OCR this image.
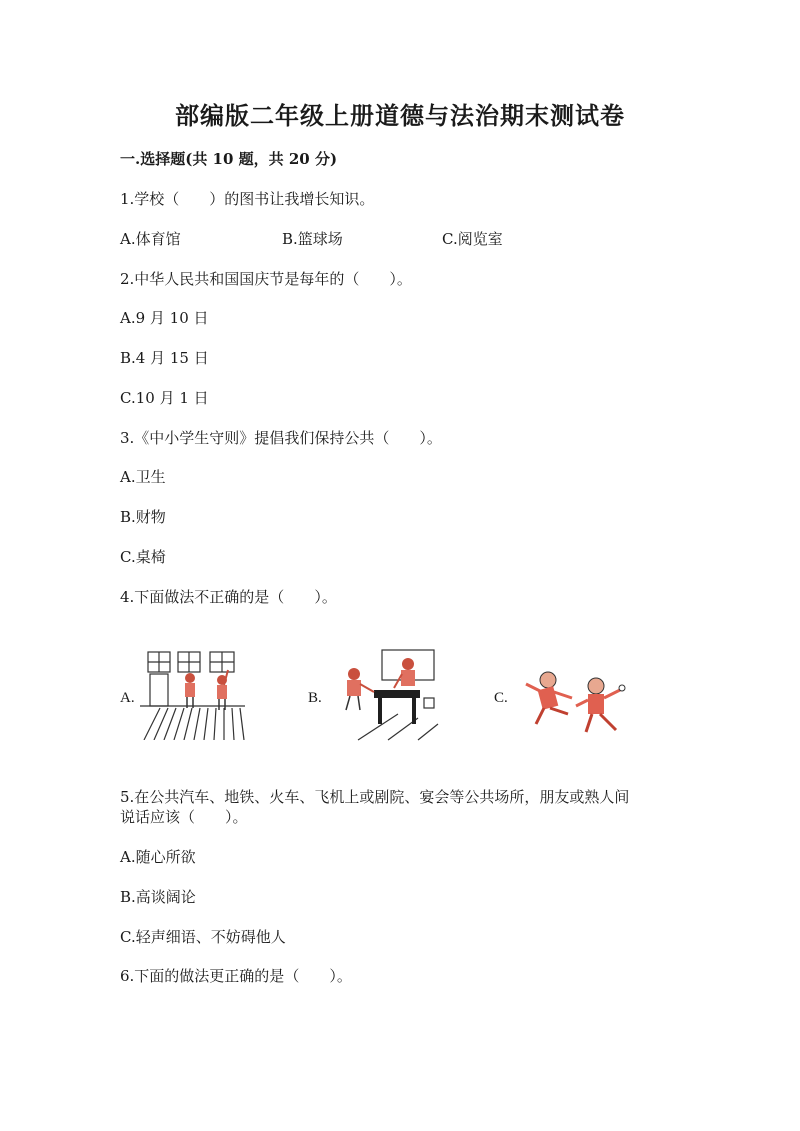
部编版二年级上册道德与法治期末测试卷
一.选择题(共 10 题，共 20 分)
1.学校（　　）的图书让我增长知识。
A.体育馆	B.篮球场	C.阅览室
2.中华人民共和国国庆节是每年的（　　）。
A.9 月 10 日
B.4 月 15 日
C.10 月 1 日
3.《中小学生守则》提倡我们保持公共（　　）。
A.卫生
B.财物
C.桌椅
4.下面做法不正确的是（　　）。
A.	B.	C.
5.在公共汽车、地铁、火车、飞机上或剧院、宴会等公共场所，朋友或熟人间
说话应该（　　）。
A.随心所欲
B.高谈阔论
C.轻声细语、不妨碍他人
6.下面的做法更正确的是（　　）。
